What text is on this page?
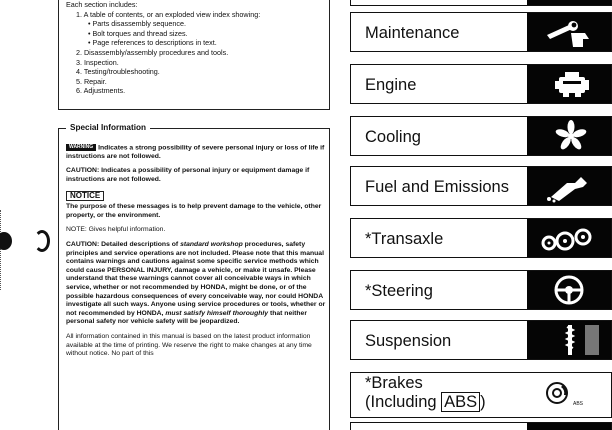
Each section includes:
1. A table of contents, or an exploded view index showing:
• Parts disassembly sequence.
• Bolt torques and thread sizes.
• Page references to descriptions in text.
2. Disassembly/assembly procedures and tools.
3. Inspection.
4. Testing/troubleshooting.
5. Repair.
6. Adjustments.
Special Information

WARNING Indicates a strong possibility of severe personal injury or loss of life if instructions are not followed.

CAUTION: Indicates a possibility of personal injury or equipment damage if instructions are not followed.

NOTICE
The purpose of these messages is to help prevent damage to the vehicle, other property, or the environment.

NOTE: Gives helpful information.

CAUTION: Detailed descriptions of standard workshop procedures, safety principles and service operations are not included. Please note that this manual contains warnings and cautions against some specific service methods which could cause PERSONAL INJURY, damage a vehicle, or make it unsafe. Please understand that these warnings cannot cover all conceivable ways in which service, whether or not recommended by HONDA, might be done, or of the possible hazardous consequences of every conceivable way, nor could HONDA investigate all such ways. Anyone using service procedures or tools, whether or not recommended by HONDA, must satisfy himself thoroughly that neither personal safety nor vehicle safety will be jeopardized.

All information contained in this manual is based on the latest product information available at the time of printing. We reserve the right to make changes at any time without notice. No part of this

Maintenance
Engine
Cooling
Fuel and Emissions
*Transaxle
*Steering
Suspension
*Brakes
(Including ABS )	ABS
